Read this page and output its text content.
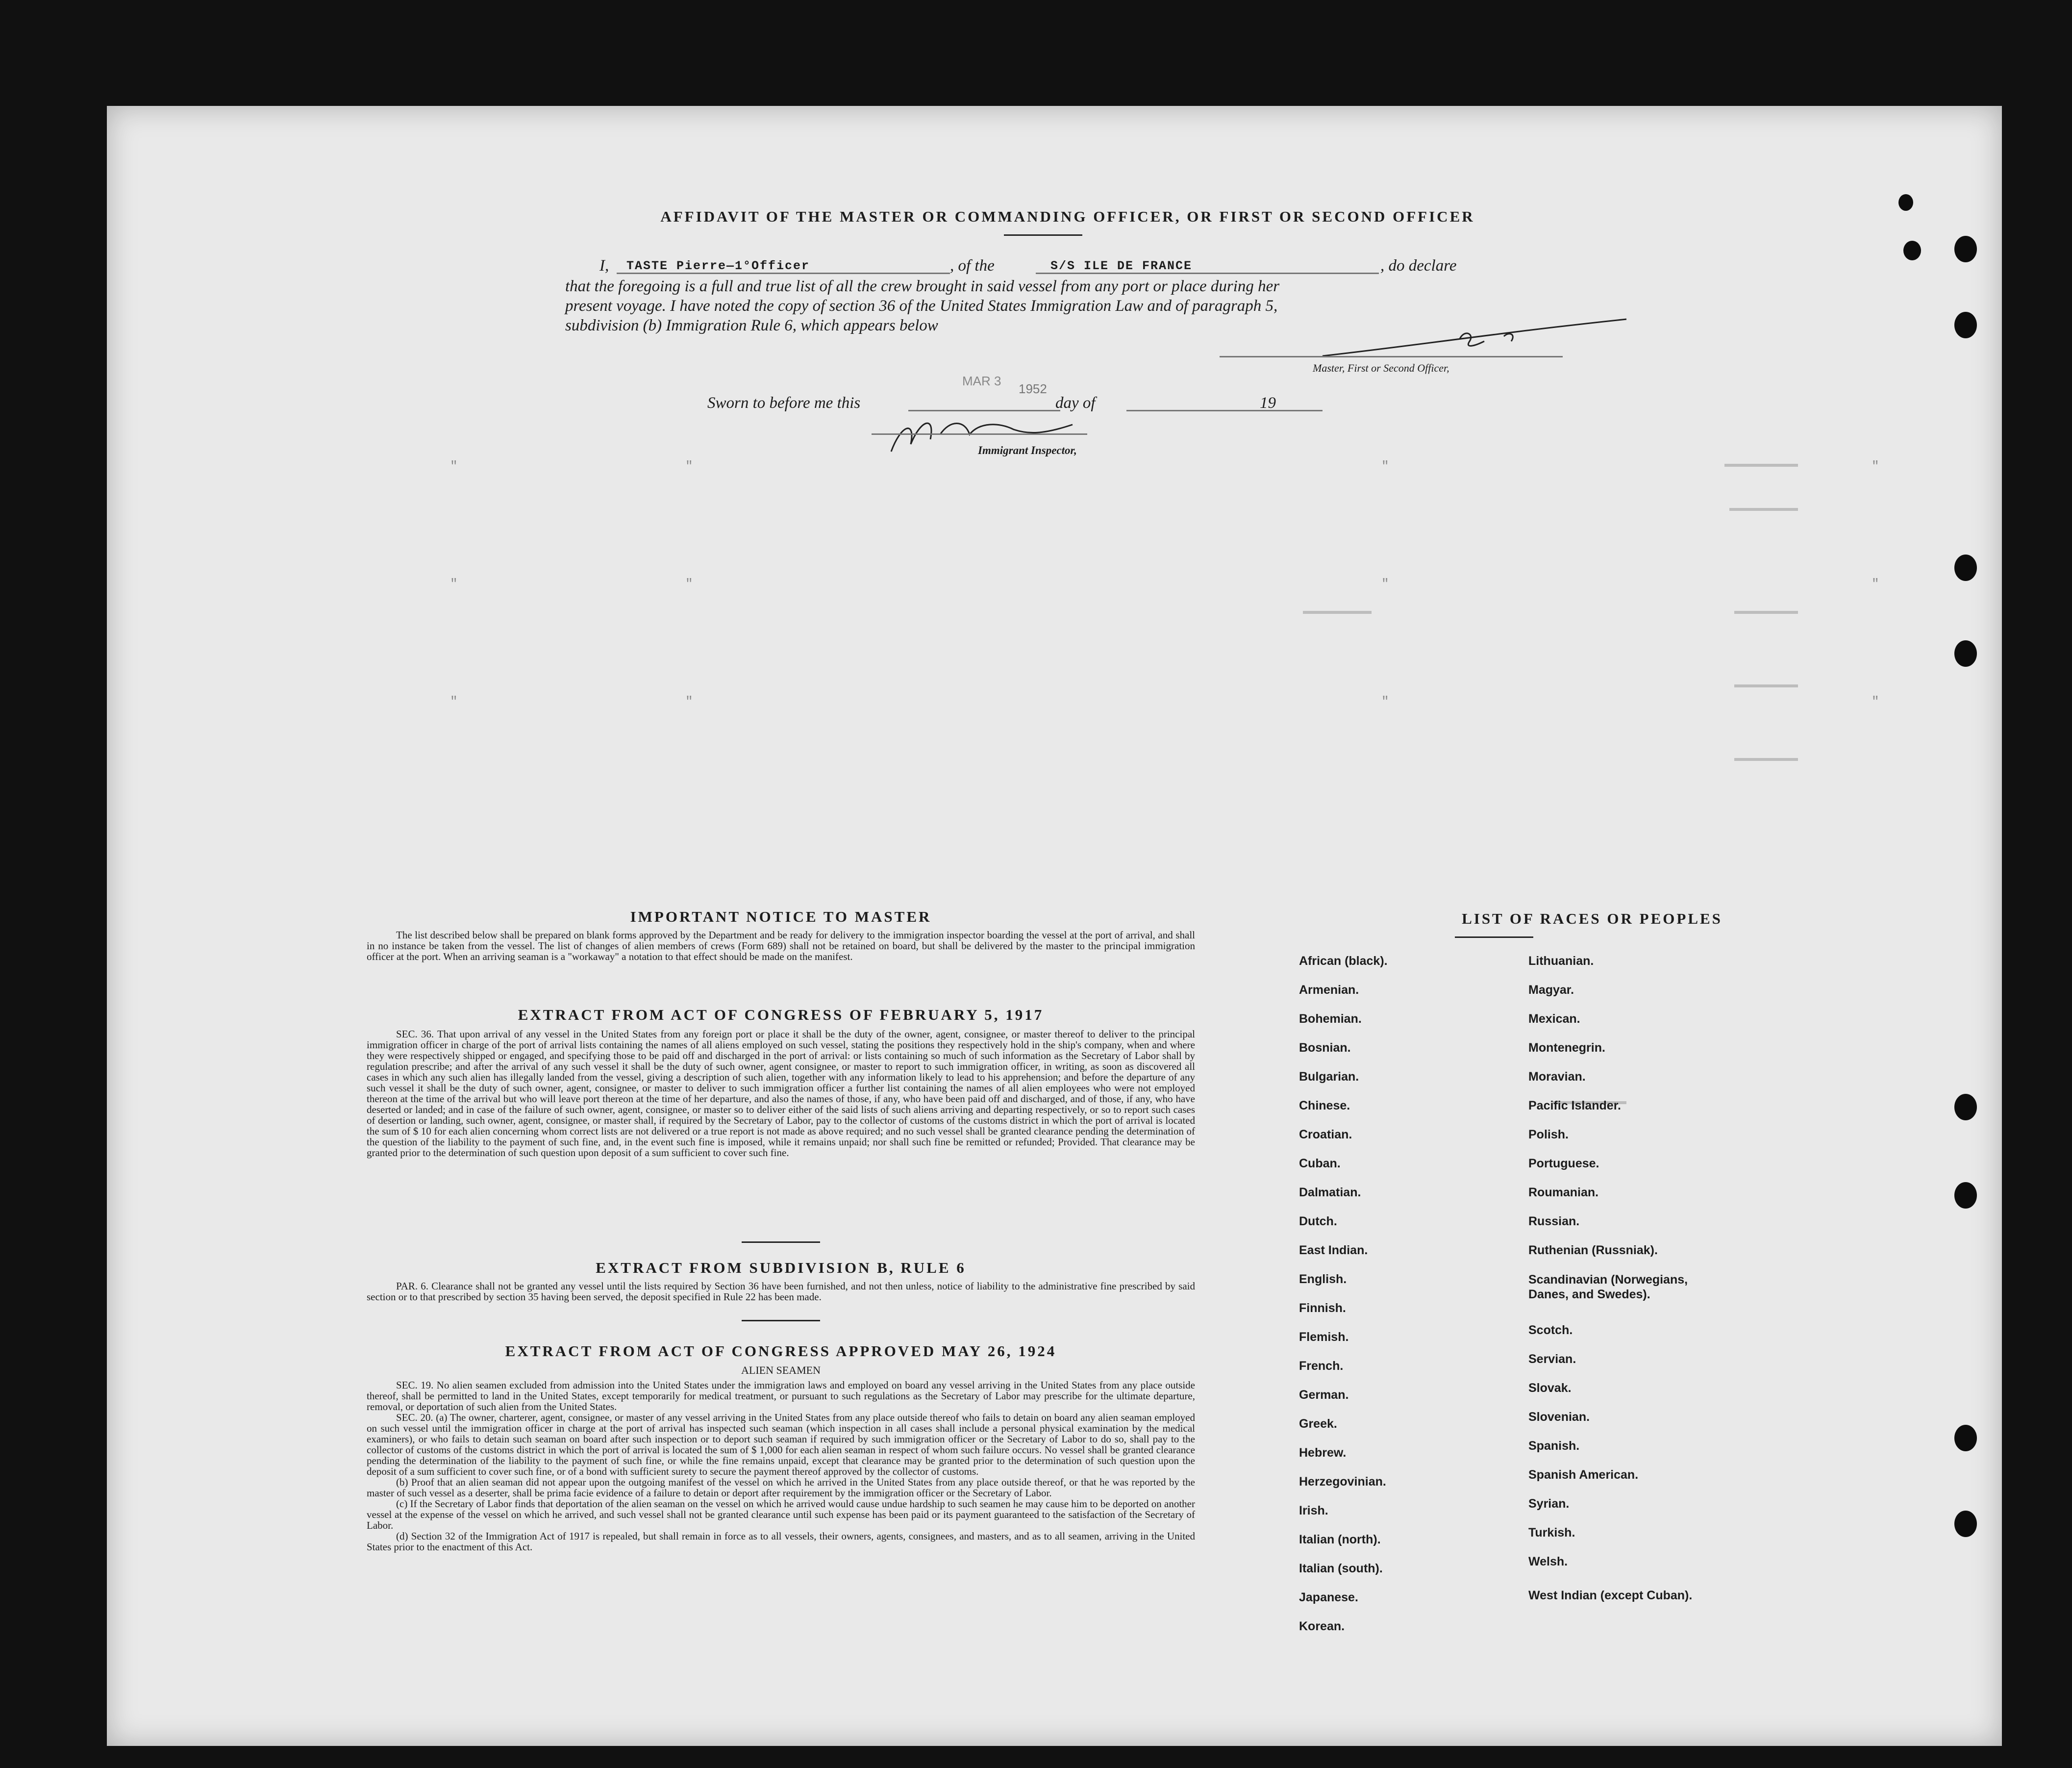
"	"	"	"
"	"	"	"
"	"	"	"
AFFIDAVIT OF THE MASTER OR COMMANDING OFFICER, OR FIRST OR SECOND OFFICER
I, TASTE Pierre—1°Officer	, of the	S/S ILE DE FRANCE	, do declare
that the foregoing is a full and true list of all the crew brought in said vessel from any port or place during her
present voyage. I have noted the copy of section 36 of the United States Immigration Law and of paragraph 5,
subdivision (b) Immigration Rule 6, which appears below
Master, First or Second Officer,
MAR 3
1952
Sworn to before me this	day of	19
Immigrant Inspector,
IMPORTANT NOTICE TO MASTER

The list described below shall be prepared on blank forms approved by the Department and be ready for delivery to the immigration inspector boarding the vessel at the port of arrival, and shall in no instance be taken from the vessel. The list of changes of alien members of crews (Form 689) shall not be retained on board, but shall be delivered by the master to the principal immigration officer at the port. When an arriving seaman is a "workaway" a notation to that effect should be made on the manifest.

EXTRACT FROM ACT OF CONGRESS OF FEBRUARY 5, 1917

SEC. 36. That upon arrival of any vessel in the United States from any foreign port or place it shall be the duty of the owner, agent, consignee, or master thereof to deliver to the principal immigration officer in charge of the port of arrival lists containing the names of all aliens employed on such vessel, stating the positions they respectively hold in the ship's company, when and where they were respectively shipped or engaged, and specifying those to be paid off and discharged in the port of arrival: or lists containing so much of such information as the Secretary of Labor shall by regulation prescribe; and after the arrival of any such vessel it shall be the duty of such owner, agent consignee, or master to report to such immigration officer, in writing, as soon as discovered all cases in which any such alien has illegally landed from the vessel, giving a description of such alien, together with any information likely to lead to his apprehension; and before the departure of any such vessel it shall be the duty of such owner, agent, consignee, or master to deliver to such immigration officer a further list containing the names of all alien employees who were not employed thereon at the time of the arrival but who will leave port thereon at the time of her departure, and also the names of those, if any, who have been paid off and discharged, and of those, if any, who have deserted or landed; and in case of the failure of such owner, agent, consignee, or master so to deliver either of the said lists of such aliens arriving and departing respectively, or so to report such cases of desertion or landing, such owner, agent, consignee, or master shall, if required by the Secretary of Labor, pay to the collector of customs of the customs district in which the port of arrival is located the sum of $ 10 for each alien concerning whom correct lists are not delivered or a true report is not made as above required; and no such vessel shall be granted clearance pending the determination of the question of the liability to the payment of such fine, and, in the event such fine is imposed, while it remains unpaid; nor shall such fine be remitted or refunded; Provided. That clearance may be granted prior to the determination of such question upon deposit of a sum sufficient to cover such fine.

EXTRACT FROM SUBDIVISION B, RULE 6

PAR. 6. Clearance shall not be granted any vessel until the lists required by Section 36 have been furnished, and not then unless, notice of liability to the administrative fine prescribed by said section or to that prescribed by section 35 having been served, the deposit specified in Rule 22 has been made.

EXTRACT FROM ACT OF CONGRESS APPROVED MAY 26, 1924
ALIEN SEAMEN

SEC. 19. No alien seamen excluded from admission into the United States under the immigration laws and employed on board any vessel arriving in the United States from any place outside thereof, shall be permitted to land in the United States, except temporarily for medical treatment, or pursuant to such regulations as the Secretary of Labor may prescribe for the ultimate departure, removal, or deportation of such alien from the United States.

SEC. 20. (a) The owner, charterer, agent, consignee, or master of any vessel arriving in the United States from any place outside thereof who fails to detain on board any alien seaman employed on such vessel until the immigration officer in charge at the port of arrival has inspected such seaman (which inspection in all cases shall include a personal physical examination by the medical examiners), or who fails to detain such seaman on board after such inspection or to deport such seaman if required by such immigration officer or the Secretary of Labor to do so, shall pay to the collector of customs of the customs district in which the port of arrival is located the sum of $ 1,000 for each alien seaman in respect of whom such failure occurs. No vessel shall be granted clearance pending the determination of the liability to the payment of such fine, or while the fine remains unpaid, except that clearance may be granted prior to the determination of such question upon the deposit of a sum sufficient to cover such fine, or of a bond with sufficient surety to secure the payment thereof approved by the collector of customs.

(b) Proof that an alien seaman did not appear upon the outgoing manifest of the vessel on which he arrived in the United States from any place outside thereof, or that he was reported by the master of such vessel as a deserter, shall be prima facie evidence of a failure to detain or deport after requirement by the immigration officer or the Secretary of Labor.

(c) If the Secretary of Labor finds that deportation of the alien seaman on the vessel on which he arrived would cause undue hardship to such seamen he may cause him to be deported on another vessel at the expense of the vessel on which he arrived, and such vessel shall not be granted clearance until such expense has been paid or its payment guaranteed to the satisfaction of the Secretary of Labor.

(d) Section 32 of the Immigration Act of 1917 is repealed, but shall remain in force as to all vessels, their owners, agents, consignees, and masters, and as to all seamen, arriving in the United States prior to the enactment of this Act.

LIST OF RACES OR PEOPLES
African (black).
Armenian.
Bohemian.
Bosnian.
Bulgarian.
Chinese.
Croatian.
Cuban.
Dalmatian.
Dutch.
East Indian.
English.
Finnish.
Flemish.
French.
German.
Greek.
Hebrew.
Herzegovinian.
Irish.
Italian (north).
Italian (south).
Japanese.
Korean.
Lithuanian.
Magyar.
Mexican.
Montenegrin.
Moravian.
Pacific Islander.
Polish.
Portuguese.
Roumanian.
Russian.
Ruthenian (Russniak).
Scandinavian (Norwegians, Danes, and Swedes).
Scotch.
Servian.
Slovak.
Slovenian.
Spanish.
Spanish American.
Syrian.
Turkish.
Welsh.
West Indian (except Cuban).
